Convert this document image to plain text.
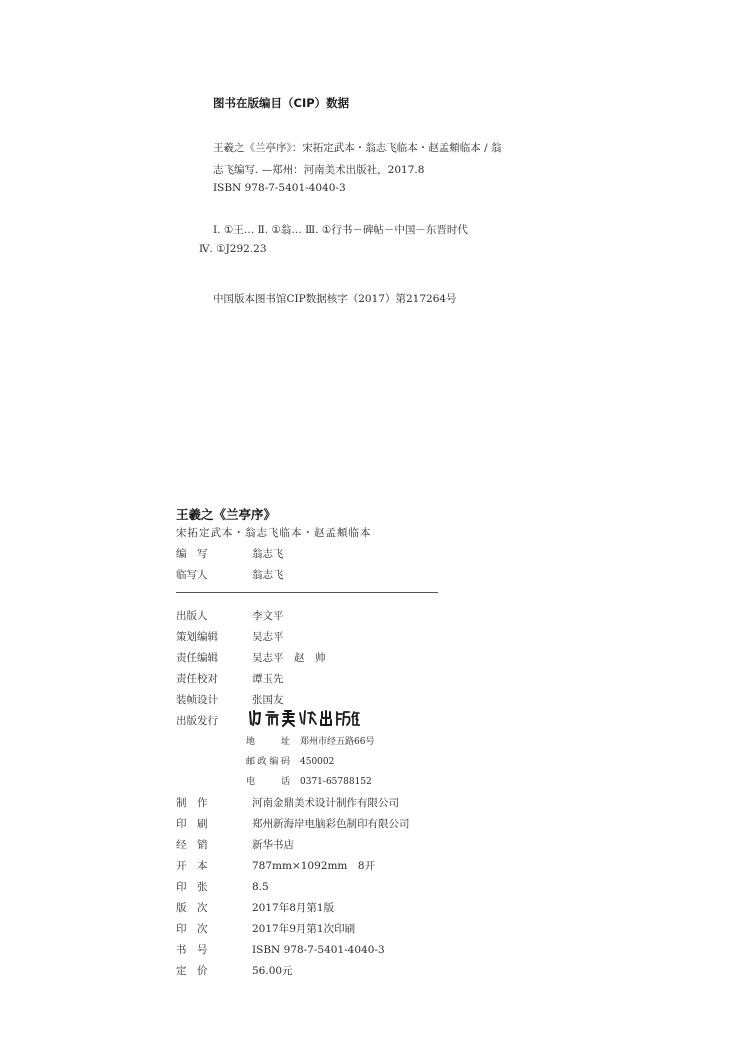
图书在版编目（CIP）数据
王羲之《兰亭序》：宋拓定武本・翁志飞临本・赵孟頫临本 / 翁
志飞编写. —郑州：河南美术出版社，2017.8
ISBN 978-7-5401-4040-3
Ⅰ. ①王… Ⅱ. ①翁… Ⅲ. ①行书－碑帖－中国－东晋时代
Ⅳ. ①J292.23
中国版本图书馆CIP数据核字（2017）第217264号
王羲之《兰亭序》
宋拓定武本・翁志飞临本・赵孟頫临本
编　写	翁志飞
临写人	翁志飞
出版人	李文平
策划编辑	吴志平
责任编辑	吴志平　赵　帅
责任校对	谭玉先
装帧设计	张国友
出版发行
地　址 郑州市经五路66号
邮政编码 450002
电　话 0371-65788152
制　作	河南金鼎美术设计制作有限公司
印　刷	郑州新海岸电脑彩色制印有限公司
经　销	新华书店
开　本	787mm×1092mm　8开
印　张	8.5
版　次	2017年8月第1版
印　次	2017年9月第1次印刷
书　号	ISBN 978-7-5401-4040-3
定　价	56.00元
